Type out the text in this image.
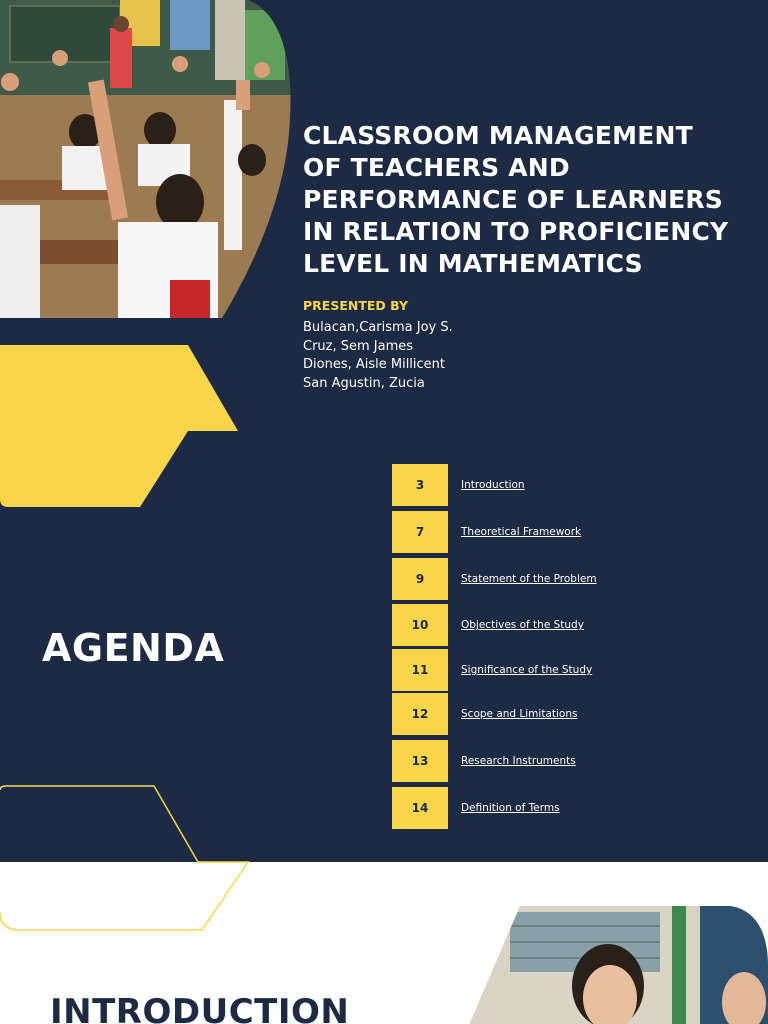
CLASSROOM MANAGEMENT
OF TEACHERS AND
PERFORMANCE OF LEARNERS
IN RELATION TO PROFICIENCY
LEVEL IN MATHEMATICS

PRESENTED BY

Bulacan,Carisma Joy S.
Cruz, Sem James
Diones, Aisle Millicent
San Agustin, Zucia
AGENDA
3	Introduction
7	Theoretical Framework
9	Statement of the Problem
10	Objectives of the Study
11	Significance of the Study
12	Scope and Limitations
13	Research Instruments
14	Definition of Terms
INTRODUCTION
